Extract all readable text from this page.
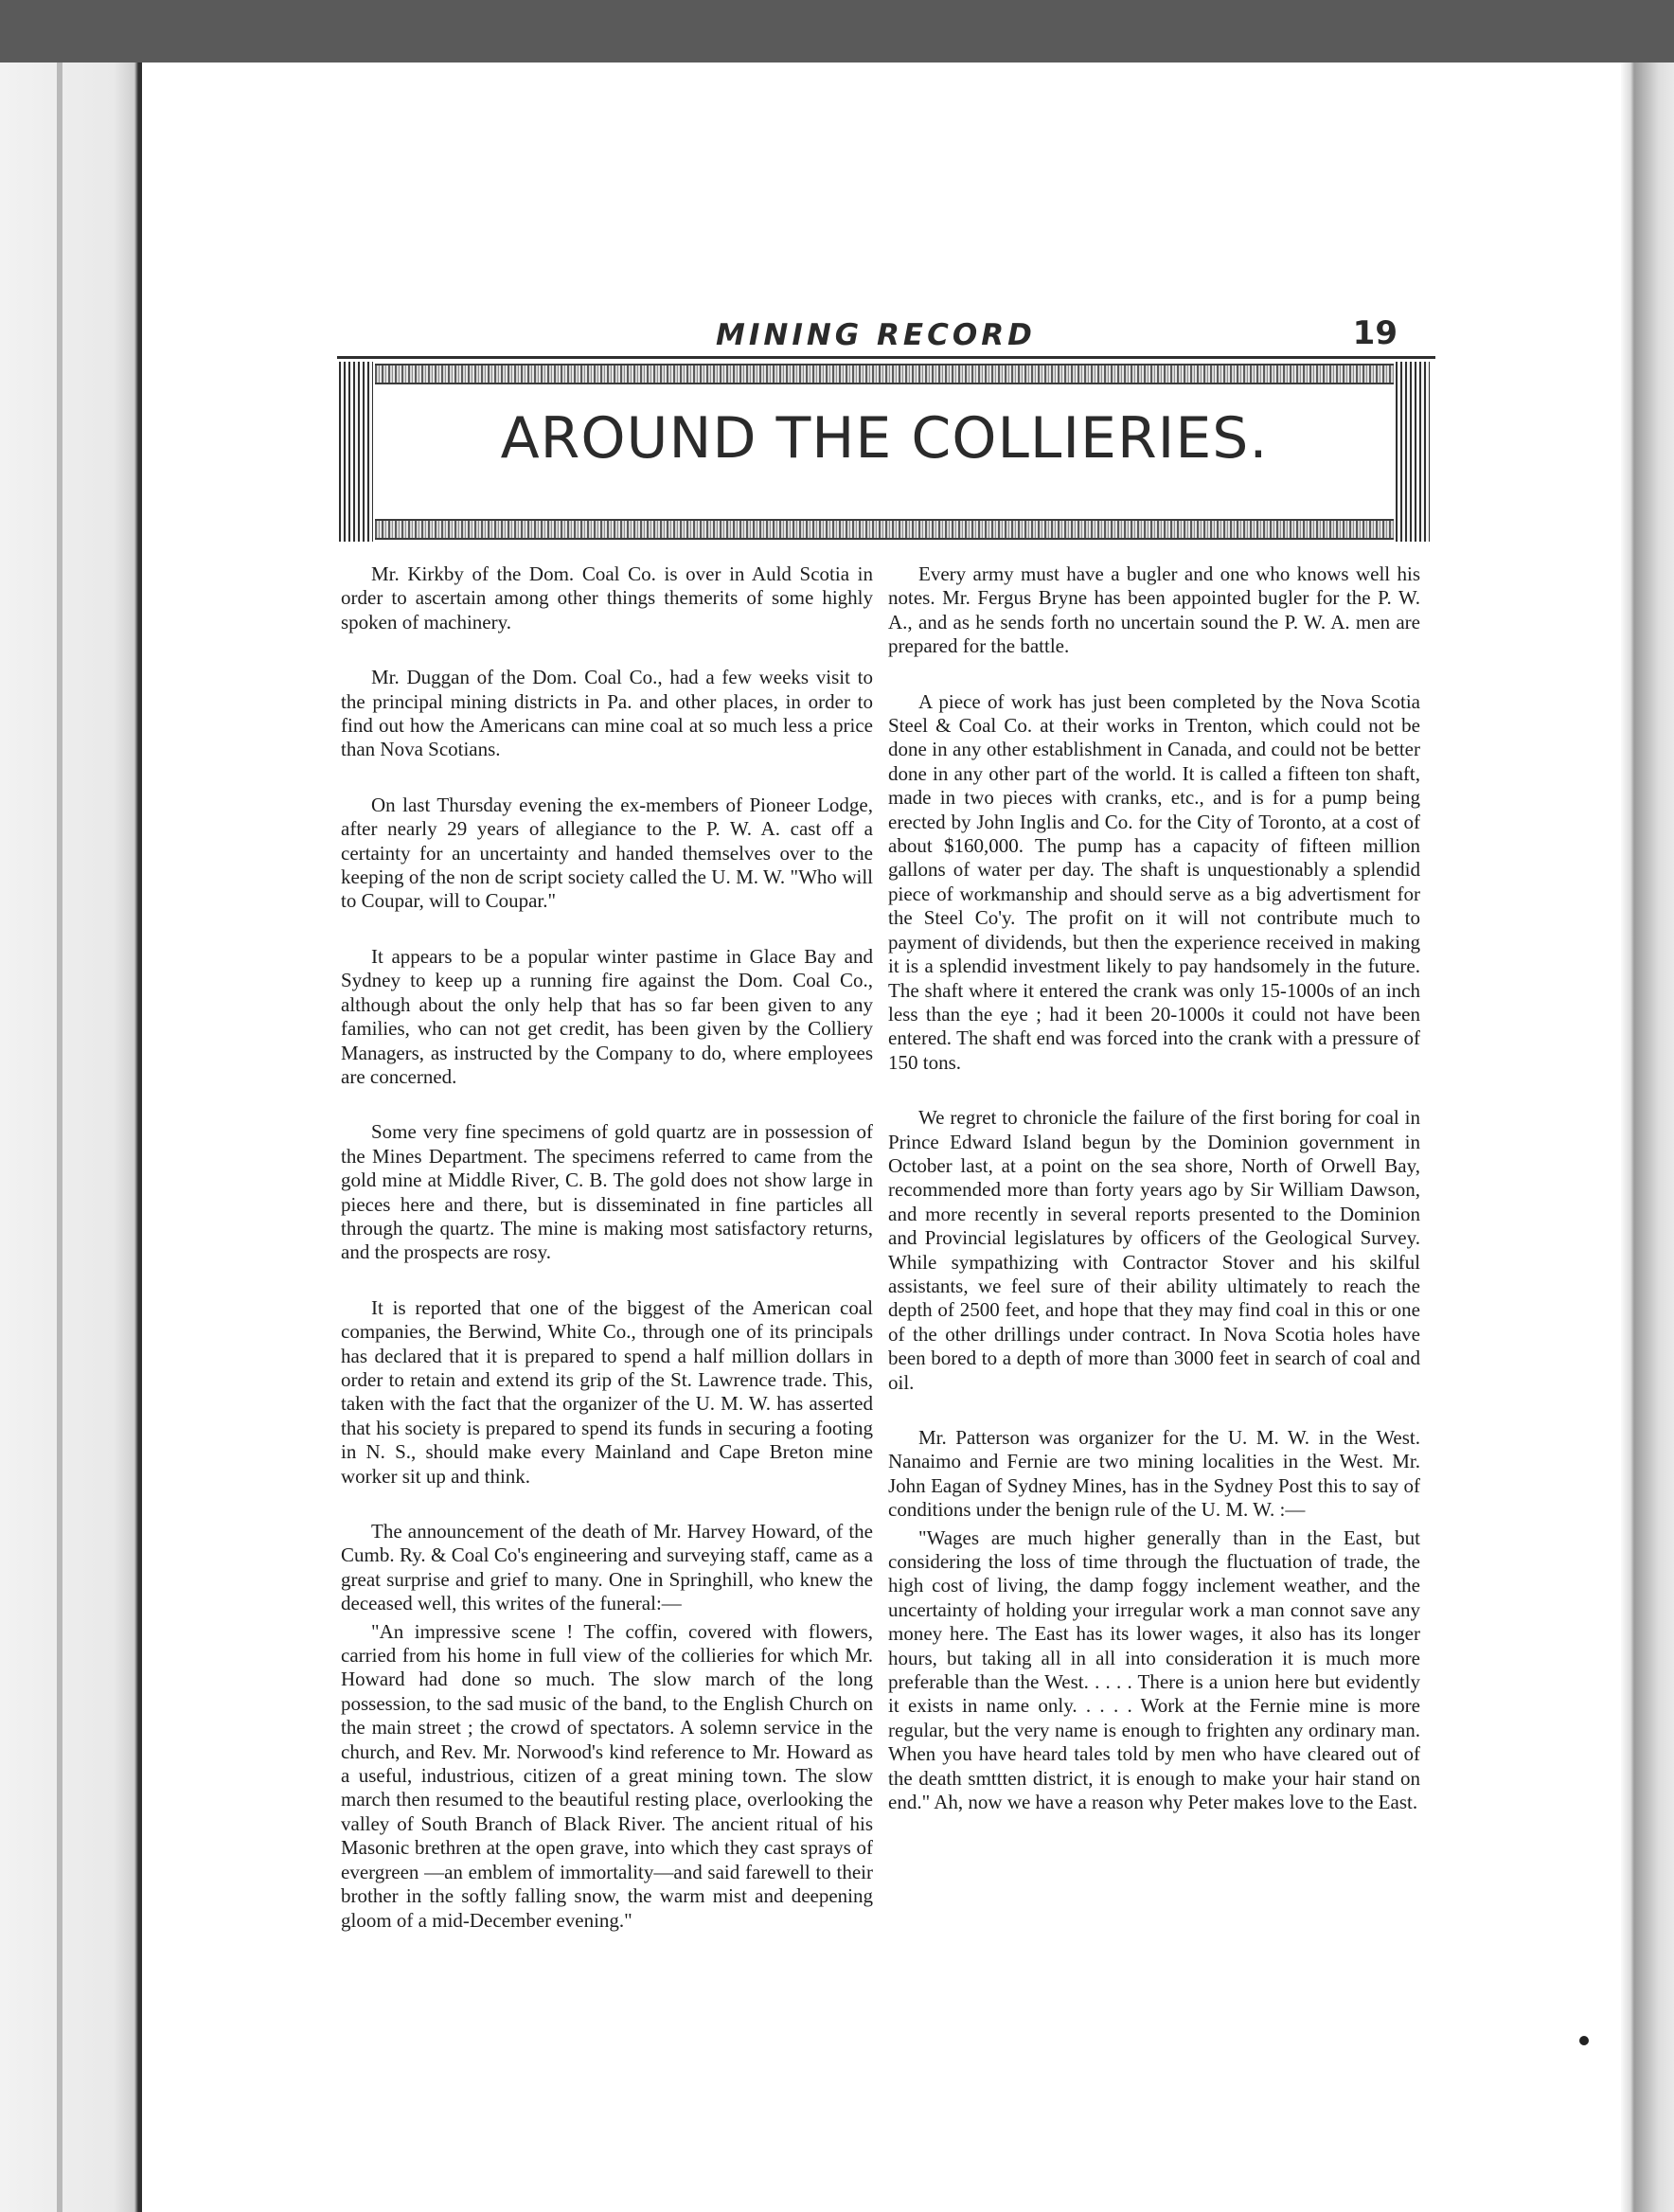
MINING RECORD	19
AROUND THE COLLIERIES.

Mr. Kirkby of the Dom. Coal Co. is over in Auld Scotia in order to ascertain among other things themerits of some highly spoken of machinery.

Mr. Duggan of the Dom. Coal Co., had a few weeks visit to the principal mining districts in Pa. and other places, in order to find out how the Americans can mine coal at so much less a price than Nova Scotians.

On last Thursday evening the ex-members of Pioneer Lodge, after nearly 29 years of allegiance to the P. W. A. cast off a certainty for an uncertainty and handed themselves over to the keeping of the non de script society called the U. M. W. "Who will to Coupar, will to Coupar."

It appears to be a popular winter pastime in Glace Bay and Sydney to keep up a running fire against the Dom. Coal Co., although about the only help that has so far been given to any families, who can not get credit, has been given by the Colliery Managers, as instructed by the Company to do, where employees are concerned.

Some very fine specimens of gold quartz are in possession of the Mines Department. The specimens referred to came from the gold mine at Middle River, C. B. The gold does not show large in pieces here and there, but is disseminated in fine particles all through the quartz. The mine is making most satisfactory returns, and the prospects are rosy.

It is reported that one of the biggest of the American coal companies, the Berwind, White Co., through one of its principals has declared that it is prepared to spend a half million dollars in order to retain and extend its grip of the St. Lawrence trade. This, taken with the fact that the organizer of the U. M. W. has asserted that his society is prepared to spend its funds in securing a footing in N. S., should make every Mainland and Cape Breton mine worker sit up and think.

The announcement of the death of Mr. Harvey Howard, of the Cumb. Ry. & Coal Co's engineering and surveying staff, came as a great surprise and grief to many. One in Springhill, who knew the deceased well, this writes of the funeral:—

"An impressive scene ! The coffin, covered with flowers, carried from his home in full view of the collieries for which Mr. Howard had done so much. The slow march of the long possession, to the sad music of the band, to the English Church on the main street ; the crowd of spectators. A solemn service in the church, and Rev. Mr. Norwood's kind reference to Mr. Howard as a useful, industrious, citizen of a great mining town. The slow march then resumed to the beautiful resting place, overlooking the valley of South Branch of Black River. The ancient ritual of his Masonic brethren at the open grave, into which they cast sprays of evergreen —an emblem of immortality—and said farewell to their brother in the softly falling snow, the warm mist and deepening gloom of a mid-December evening."

Every army must have a bugler and one who knows well his notes. Mr. Fergus Bryne has been appointed bugler for the P. W. A., and as he sends forth no uncertain sound the P. W. A. men are prepared for the battle.

A piece of work has just been completed by the Nova Scotia Steel & Coal Co. at their works in Trenton, which could not be done in any other establishment in Canada, and could not be better done in any other part of the world. It is called a fifteen ton shaft, made in two pieces with cranks, etc., and is for a pump being erected by John Inglis and Co. for the City of Toronto, at a cost of about $160,000. The pump has a capacity of fifteen million gallons of water per day. The shaft is unquestionably a splendid piece of workmanship and should serve as a big advertisment for the Steel Co'y. The profit on it will not contribute much to payment of dividends, but then the experience received in making it is a splendid investment likely to pay handsomely in the future. The shaft where it entered the crank was only 15-1000s of an inch less than the eye ; had it been 20-1000s it could not have been entered. The shaft end was forced into the crank with a pressure of 150 tons.

We regret to chronicle the failure of the first boring for coal in Prince Edward Island begun by the Dominion government in October last, at a point on the sea shore, North of Orwell Bay, recommended more than forty years ago by Sir William Dawson, and more recently in several reports presented to the Dominion and Provincial legislatures by officers of the Geological Survey. While sympathizing with Contractor Stover and his skilful assistants, we feel sure of their ability ultimately to reach the depth of 2500 feet, and hope that they may find coal in this or one of the other drillings under contract. In Nova Scotia holes have been bored to a depth of more than 3000 feet in search of coal and oil.

Mr. Patterson was organizer for the U. M. W. in the West. Nanaimo and Fernie are two mining localities in the West. Mr. John Eagan of Sydney Mines, has in the Sydney Post this to say of conditions under the benign rule of the U. M. W. :—

"Wages are much higher generally than in the East, but considering the loss of time through the fluctuation of trade, the high cost of living, the damp foggy inclement weather, and the uncertainty of holding your irregular work a man connot save any money here. The East has its lower wages, it also has its longer hours, but taking all in all into consideration it is much more preferable than the West. . . . . There is a union here but evidently it exists in name only. . . . . Work at the Fernie mine is more regular, but the very name is enough to frighten any ordinary man. When you have heard tales told by men who have cleared out of the death smttten district, it is enough to make your hair stand on end." Ah, now we have a reason why Peter makes love to the East.
